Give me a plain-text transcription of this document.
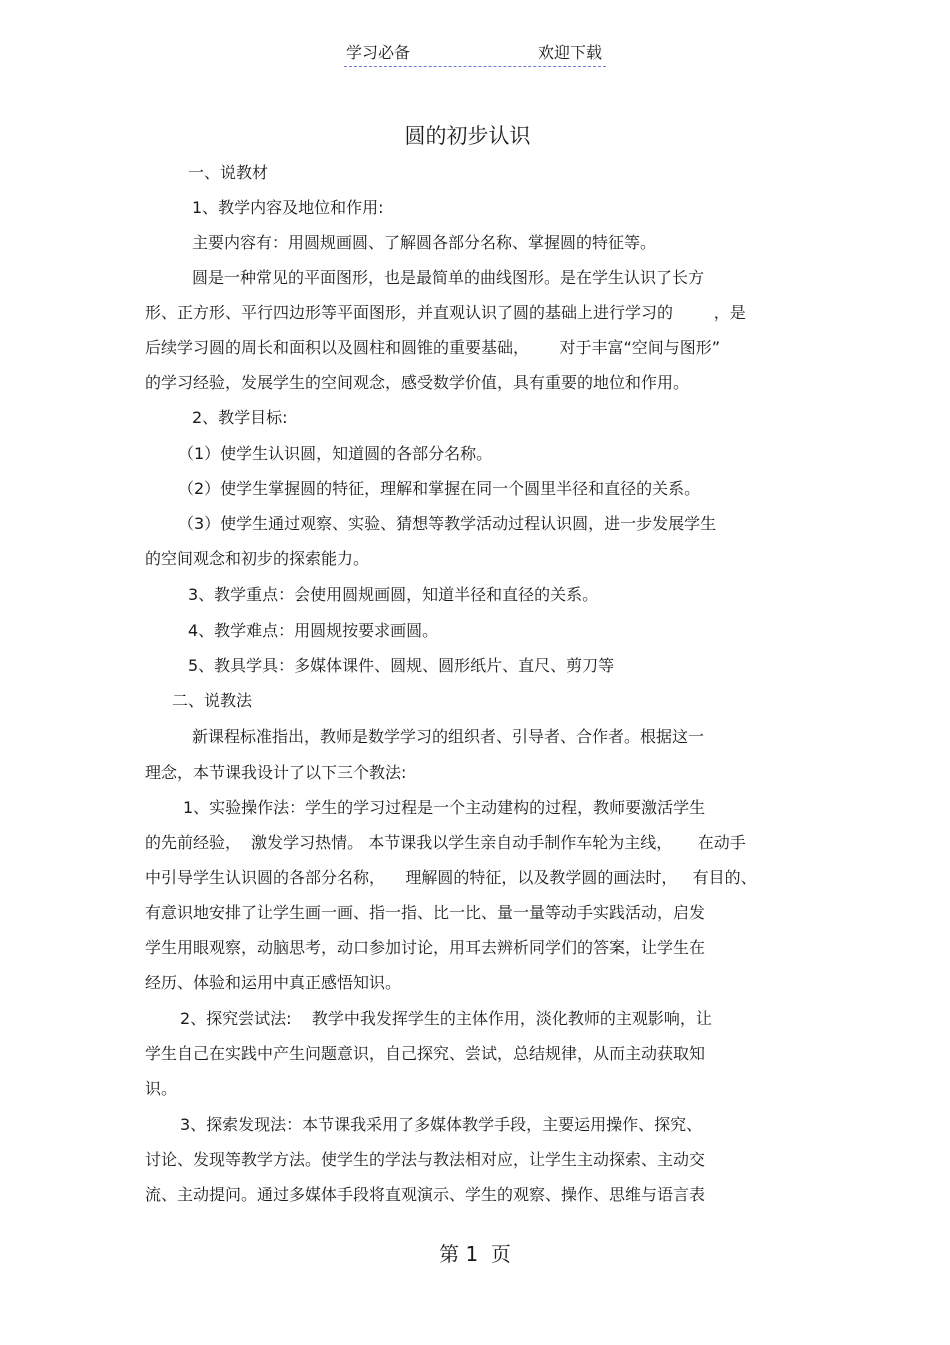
学习必备	欢迎下载
圆的初步认识
一、说教材
1、教学内容及地位和作用:
主要内容有：用圆规画圆、了解圆各部分名称、掌握圆的特征等。
圆是一种常见的平面图形，也是最简单的曲线图形。是在学生认识了长方
形、正方形、平行四边形等平面图形，并直观认识了圆的基础上进行学习的        ，是
后续学习圆的周长和面积以及圆柱和圆锥的重要基础，      对于丰富“空间与图形”
的学习经验，发展学生的空间观念，感受数学价值，具有重要的地位和作用。
2、教学目标:
（1）使学生认识圆，知道圆的各部分名称。
（2）使学生掌握圆的特征，理解和掌握在同一个圆里半径和直径的关系。
（3）使学生通过观察、实验、猜想等教学活动过程认识圆，进一步发展学生
的空间观念和初步的探索能力。
3、教学重点：会使用圆规画圆，知道半径和直径的关系。
4、教学难点：用圆规按要求画圆。
5、教具学具：多媒体课件、圆规、圆形纸片、直尺、剪刀等
二、说教法
新课程标准指出，教师是数学学习的组织者、引导者、合作者。根据这一
理念，本节课我设计了以下三个教法:
1、实验操作法：学生的学习过程是一个主动建构的过程，教师要激活学生
的先前经验，  激发学习热情。 本节课我以学生亲自动手制作车轮为主线，     在动手
中引导学生认识圆的各部分名称，    理解圆的特征，以及教学圆的画法时，   有目的、
有意识地安排了让学生画一画、指一指、比一比、量一量等动手实践活动，启发
学生用眼观察，动脑思考，动口参加讨论，用耳去辨析同学们的答案，让学生在
经历、体验和运用中真正感悟知识。
2、探究尝试法:    教学中我发挥学生的主体作用，淡化教师的主观影响，让
学生自己在实践中产生问题意识，自己探究、尝试，总结规律，从而主动获取知
识。
3、探索发现法：本节课我采用了多媒体教学手段，主要运用操作、探究、
讨论、发现等教学方法。使学生的学法与教法相对应，让学生主动探索、主动交
流、主动提问。通过多媒体手段将直观演示、学生的观察、操作、思维与语言表
第 1  页
